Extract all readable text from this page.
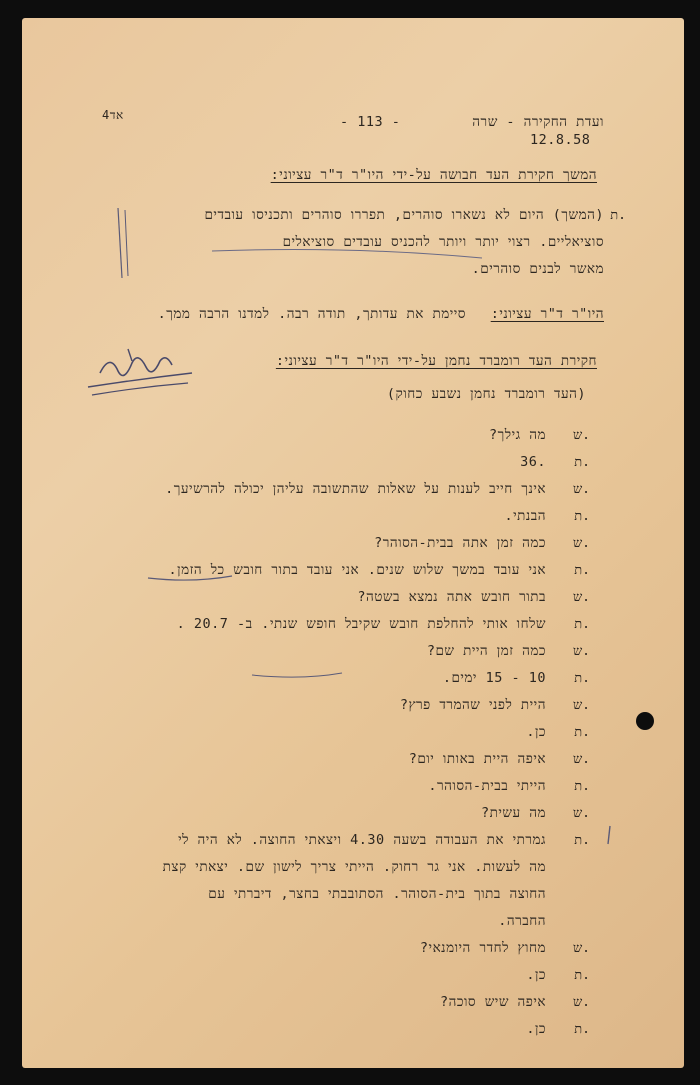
4אד	- 113 -	ועדת החקירה - שרה
12.8.58
המשך חקירת העד חבושה על-ידי היו"ר ד"ר עציוני:
ת.
(המשך) היום לא נשארו סוהרים, תפררו סוהרים ותכניסו עובדים
סוציאליים. רצוי יותר ויותר להכניס עובדים סוציאלים
מאשר לבנים סוהרים.
היו"ר ד"ר עציוני:
סיימת את עדותך, תודה רבה. למדנו הרבה ממך.
חקירת העד רומברד נחמן על-ידי היו"ר ד"ר עציוני:
(העד רומברד נחמן נשבע כחוק)
ש.
מה גילך?
ת.
.36
ש.
אינך חייב לענות על שאלות שהתשובה עליהן יכולה להרשיעך.
ת.
הבנתי.
ש.
כמה זמן אתה בבית-הסוהר?
ת.
אני עובד במשך שלוש שנים. אני עובד בתור חובש כל הזמן.
ש.
בתור חובש אתה נמצא בשטה?
ת.
שלחו אותי להחלפת חובש שקיבל חופש שנתי. ב- 20.7 .
ש.
כמה זמן היית שם?
ת.
10 - 15 ימים.
ש.
היית לפני שהמרד פרץ?
ת.
כן.
ש.
איפה היית באותו יום?
ת.
הייתי בבית-הסוהר.
ש.
מה עשית?
ת.
גמרתי את העבודה בשעה 4.30 ויצאתי החוצה. לא היה לי
מה לעשות. אני גר רחוק. הייתי צריך לישון שם. יצאתי קצת
החוצה בתוך בית-הסוהר. הסתובבתי בחצר, דיברתי עם
החברה.
ש.
מחוץ לחדר היומנאי?
ת.
כן.
ש.
איפה שיש סוכה?
ת.
כן.
